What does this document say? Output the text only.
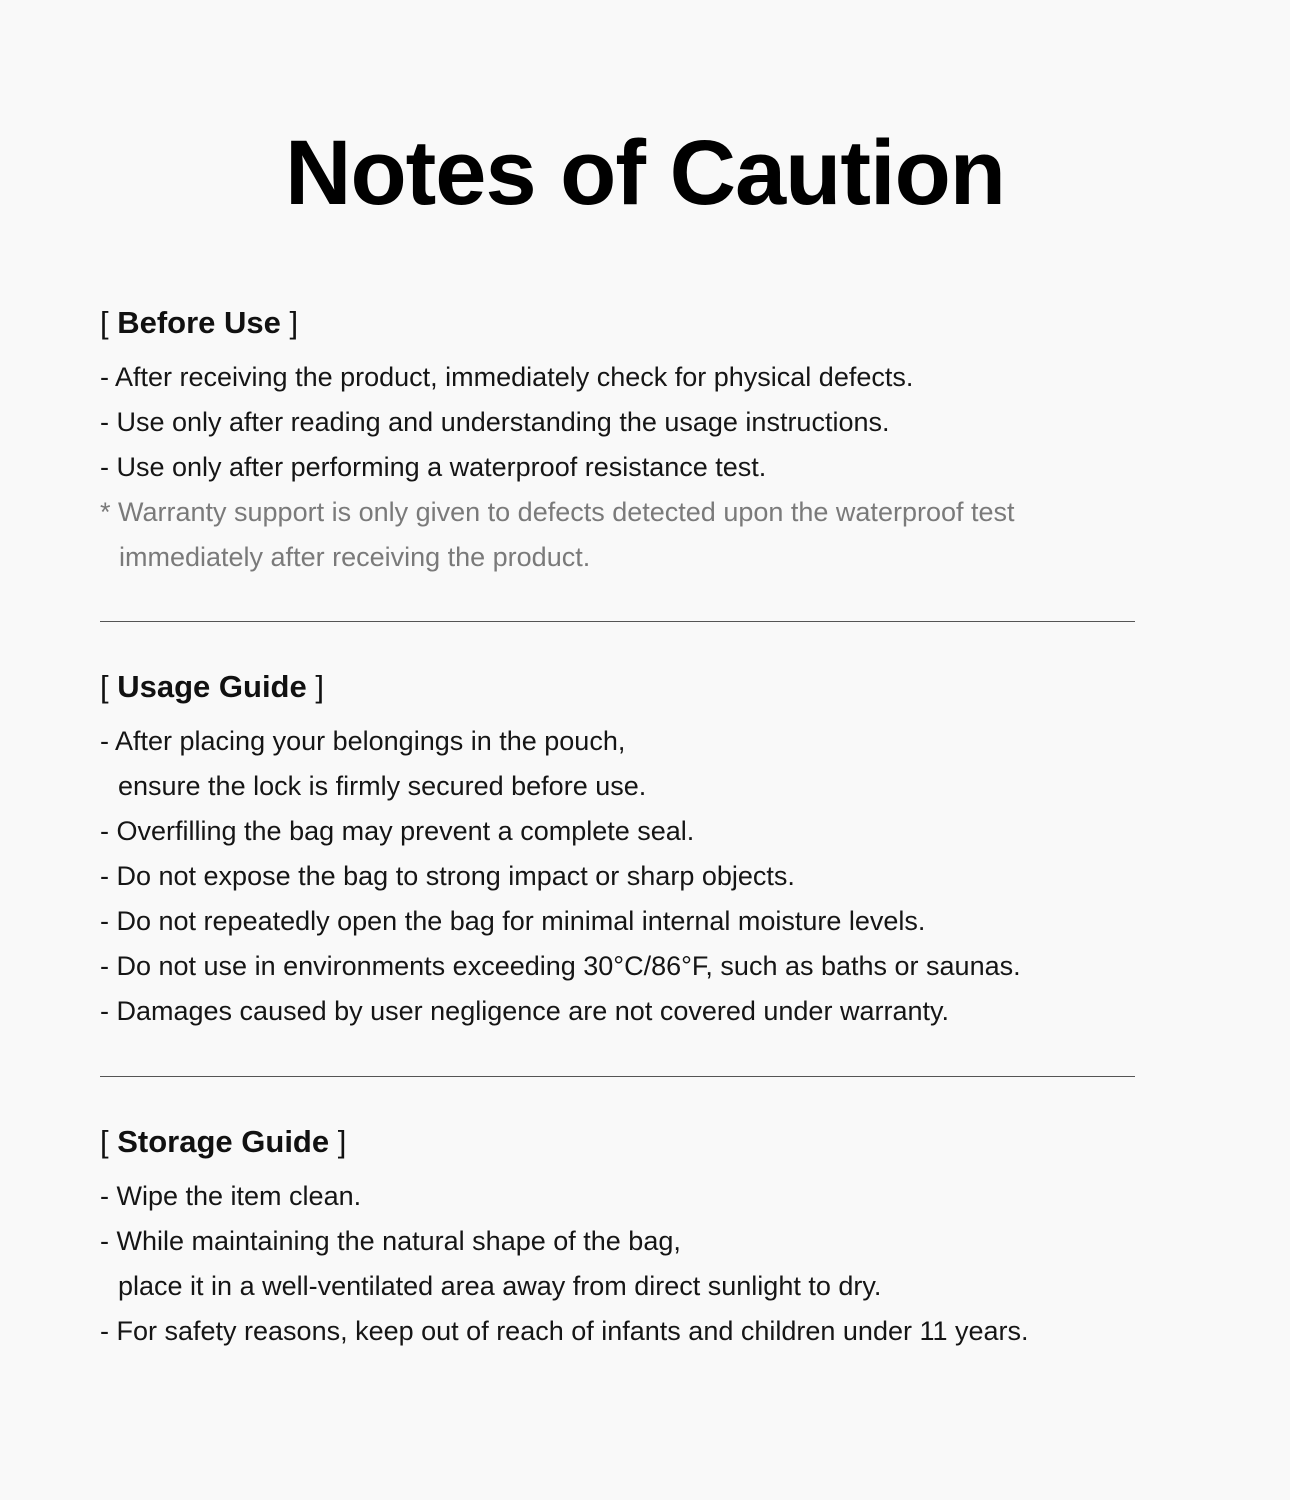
Notes of Caution
[ Before Use ]
- After receiving the product, immediately check for physical defects.
- Use only after reading and understanding the usage instructions.
- Use only after performing a waterproof resistance test.
* Warranty support is only given to defects detected upon the waterproof test
immediately after receiving the product.
[ Usage Guide ]
- After placing your belongings in the pouch,
ensure the lock is firmly secured before use.
- Overfilling the bag may prevent a complete seal.
- Do not expose the bag to strong impact or sharp objects.
- Do not repeatedly open the bag for minimal internal moisture levels.
- Do not use in environments exceeding 30°C/86°F, such as baths or saunas.
- Damages caused by user negligence are not covered under warranty.
[ Storage Guide ]
- Wipe the item clean.
- While maintaining the natural shape of the bag,
place it in a well-ventilated area away from direct sunlight to dry.
- For safety reasons, keep out of reach of infants and children under 11 years.
